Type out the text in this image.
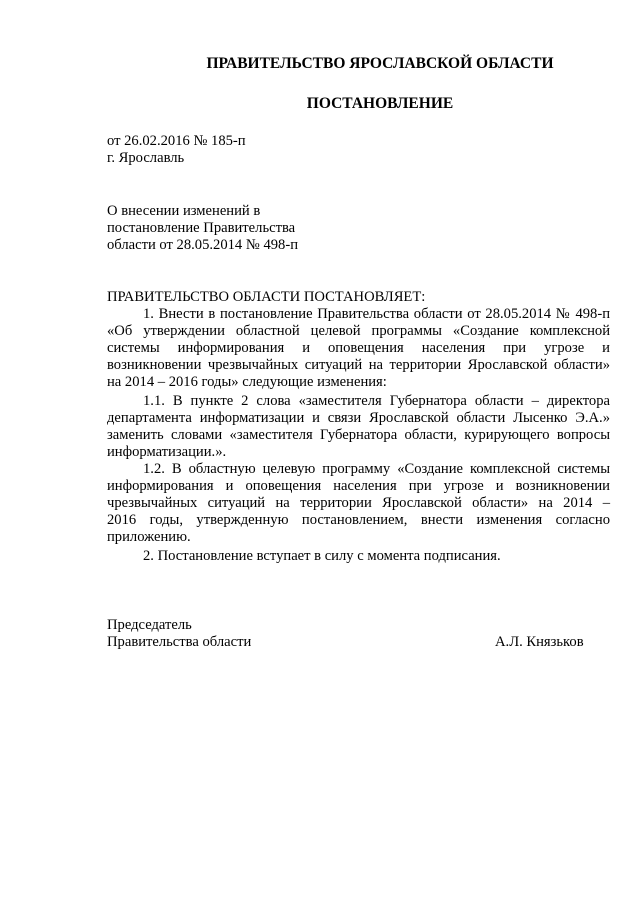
ПРАВИТЕЛЬСТВО ЯРОСЛАВСКОЙ ОБЛАСТИ
ПОСТАНОВЛЕНИЕ
от 26.02.2016 № 185-п
г. Ярославль
О внесении изменений в
постановление Правительства
области от 28.05.2014 № 498-п
ПРАВИТЕЛЬСТВО ОБЛАСТИ ПОСТАНОВЛЯЕТ:
1. Внести в постановление Правительства области от 28.05.2014 № 498-п
«Об утверждении областной целевой программы «Создание комплексной
системы информирования и оповещения населения при угрозе и
возникновении чрезвычайных ситуаций на территории Ярославской области»
на 2014 – 2016 годы» следующие изменения:
1.1. В пункте 2 слова «заместителя Губернатора области – директора
департамента информатизации и связи Ярославской области Лысенко Э.А.»
заменить словами «заместителя Губернатора области, курирующего вопросы
информатизации.».
1.2. В областную целевую программу «Создание комплексной системы
информирования и оповещения населения при угрозе и возникновении
чрезвычайных ситуаций на территории Ярославской области» на 2014 –
2016 годы, утвержденную постановлением, внести изменения согласно
приложению.
2. Постановление вступает в силу с момента подписания.
Председатель
Правительства области	А.Л. Князьков
